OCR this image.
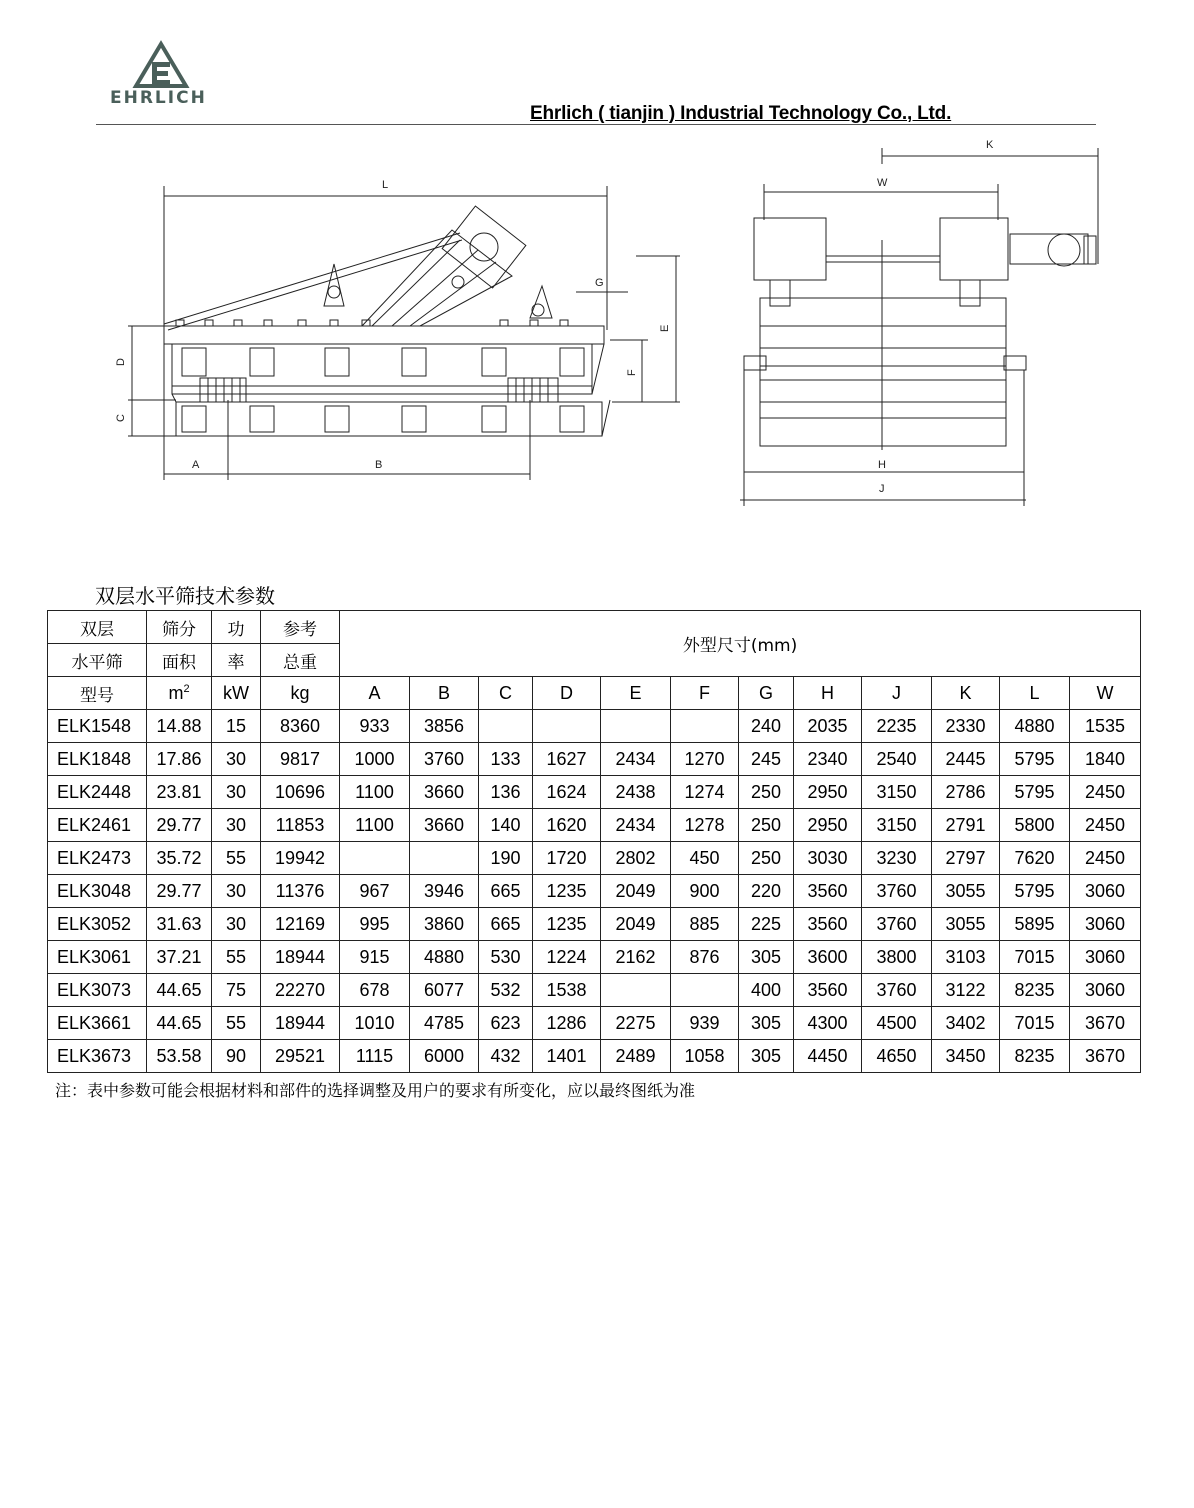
EHRLICH
Ehrlich ( tianjin ) Industrial Technology Co., Ltd.
L
D
C
A	B
G
E
F
K
W
H
J
双层水平筛技术参数
双层	筛分	功	参考	外型尺寸(mm)											
水平筛	面积	率	总重												
型号	$m^2$	kW	kg	A	B	C	D	E	F	G	H	J	K	L	W
ELK1548	14.88	15	8360	933	3856					240	2035	2235	2330	4880	1535
ELK1848	17.86	30	9817	1000	3760	133	1627	2434	1270	245	2340	2540	2445	5795	1840
ELK2448	23.81	30	10696	1100	3660	136	1624	2438	1274	250	2950	3150	2786	5795	2450
ELK2461	29.77	30	11853	1100	3660	140	1620	2434	1278	250	2950	3150	2791	5800	2450
ELK2473	35.72	55	19942			190	1720	2802	450	250	3030	3230	2797	7620	2450
ELK3048	29.77	30	11376	967	3946	665	1235	2049	900	220	3560	3760	3055	5795	3060
ELK3052	31.63	30	12169	995	3860	665	1235	2049	885	225	3560	3760	3055	5895	3060
ELK3061	37.21	55	18944	915	4880	530	1224	2162	876	305	3600	3800	3103	7015	3060
ELK3073	44.65	75	22270	678	6077	532	1538			400	3560	3760	3122	8235	3060
ELK3661	44.65	55	18944	1010	4785	623	1286	2275	939	305	4300	4500	3402	7015	3670
ELK3673	53.58	90	29521	1115	6000	432	1401	2489	1058	305	4450	4650	3450	8235	3670
注：表中参数可能会根据材料和部件的选择调整及用户的要求有所变化，应以最终图纸为准
